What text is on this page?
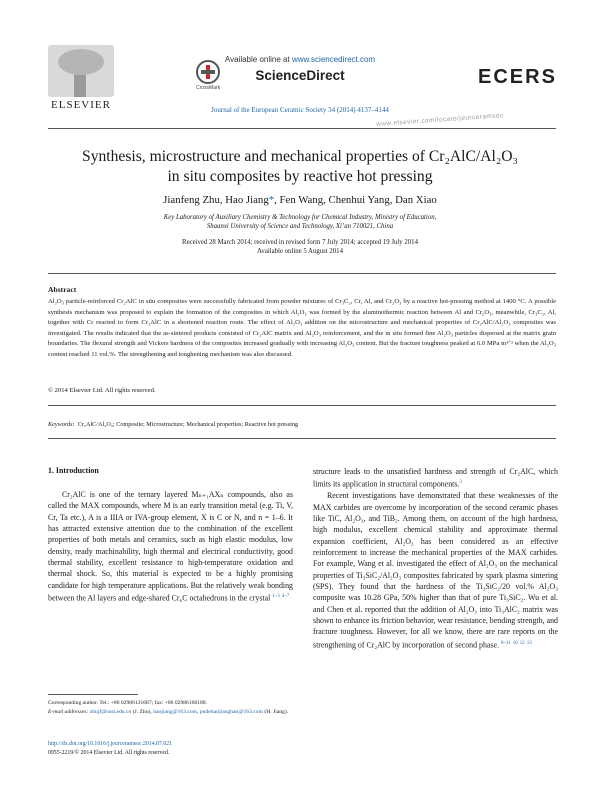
ELSEVIER
CrossMark
Available online at www.sciencedirect.com
ScienceDirect
Journal of the European Ceramic Society 34 (2014) 4137–4144
ECERS
www.elsevier.com/locate/jeurceramsoc
Synthesis, microstructure and mechanical properties of Cr₂AlC/Al₂O₃
in situ composites by reactive hot pressing
Jianfeng Zhu, Hao Jiang*, Fen Wang, Chenhui Yang, Dan Xiao
Key Laboratory of Auxiliary Chemistry & Technology for Chemical Industry, Ministry of Education,
Shaanxi University of Science and Technology, Xi’an 710021, China
Received 28 March 2014; received in revised form 7 July 2014; accepted 19 July 2014
Available online 5 August 2014
Abstract
Al₂O₃ particle-reinforced Cr₂AlC in situ composites were successfully fabricated from powder mixtures of Cr₃C₂, Cr, Al, and Cr₂O₃ by a reactive hot-pressing method at 1400 °C. A possible synthesis mechanism was proposed to explain the formation of the composites in which Al₂O₃ was formed by the aluminothermic reaction between Al and Cr₂O₃, meanwhile, Cr₃C₂, Al, together with Cr reacted to form Cr₂AlC in a shortened reaction route. The effect of Al₂O₃ addition on the microstructure and mechanical properties of Cr₂AlC/Al₂O₃ composites was investigated. The results indicated that the as-sintered products consisted of Cr₂AlC matrix and Al₂O₃ reinforcement, and the in situ formed fine Al₂O₃ particles dispersed at the matrix grain boundaries. The flexural strength and Vickers hardness of the composites increased gradually with increasing Al₂O₃ content. But the fracture toughness peaked at 6.0 MPa m¹ᐟ² when the Al₂O₃ content reached 11 vol.%. The strengthening and toughening mechanism was also discussed.
© 2014 Elsevier Ltd. All rights reserved.
Keywords: Cr₂AlC/Al₂O₃; Composite; Microstructure; Mechanical properties; Reactive hot pressing
1. Introduction
Cr₂AlC is one of the ternary layered Mₙ₊₁AXₙ compounds, also as called the MAX compounds, where M is an early transition metal (e.g. Ti, V, Cr, Ta etc.), A is a IIIA or IVA-group element, X is C or N, and n = 1–6. It has attracted extensive attention due to the combination of the excellent properties of both metals and ceramics, such as high elastic modulus, low density, ready machinability, high thermal and electrical conductivity, good thermal stability, excellent resistance to high-temperature oxidation and thermal shock. So, this material is expected to be a highly promising candidate for high temperature applications. But the relatively weak bonding between the Al layers and edge-shared Cr₆C octahedrons in the crystal $^{1-3}$ $^{4-7}$
structure leads to the unsatisfied hardness and strength of Cr₂AlC, which limits its application in structural components.$^3$
Recent investigations have demonstrated that these weaknesses of the MAX carbides are overcome by incorporation of the second ceramic phases like TiC, Al₂O₃, and TiB₂. Among them, on account of the high hardness, high modulus, excellent chemical stability and approximate thermal expansion coefficient, Al₂O₃ has been considered as an effective reinforcement to increase the mechanical properties of the MAX carbides. For example, Wang et al. investigated the effect of Al₂O₃ on the mechanical properties of Ti₃SiC₂/Al₂O₃ composites fabricated by spark plasma sintering (SPS). They found that the hardness of the Ti₃SiC₂/20 vol.% Al₂O₃ composite was 10.28 GPa, 50% higher than that of pure Ti₃SiC₂. Wu et al. and Chen et al. reported that the addition of Al₂O₃ into Ti₃AlC₂ matrix was shown to enhance its friction behavior, wear resistance, bending strength, and fracture toughness. However, for all we know, there are rare reports on the strengthening of Cr₂AlC by incorporation of second phase. $^{8-11}$ $^{10}$ $^{12}$ $^{13}$
Corresponding author. Tel.: +86 02986131687; fax: +86 02986168188.
E-mail addresses: zhujf@sust.edu.cn (J. Zhu), haojiang@163.com, pudeitaojianghao@163.com (H. Jiang).
http://dx.doi.org/10.1016/j.jeurceramsoc.2014.07.021
0955-2219/© 2014 Elsevier Ltd. All rights reserved.
